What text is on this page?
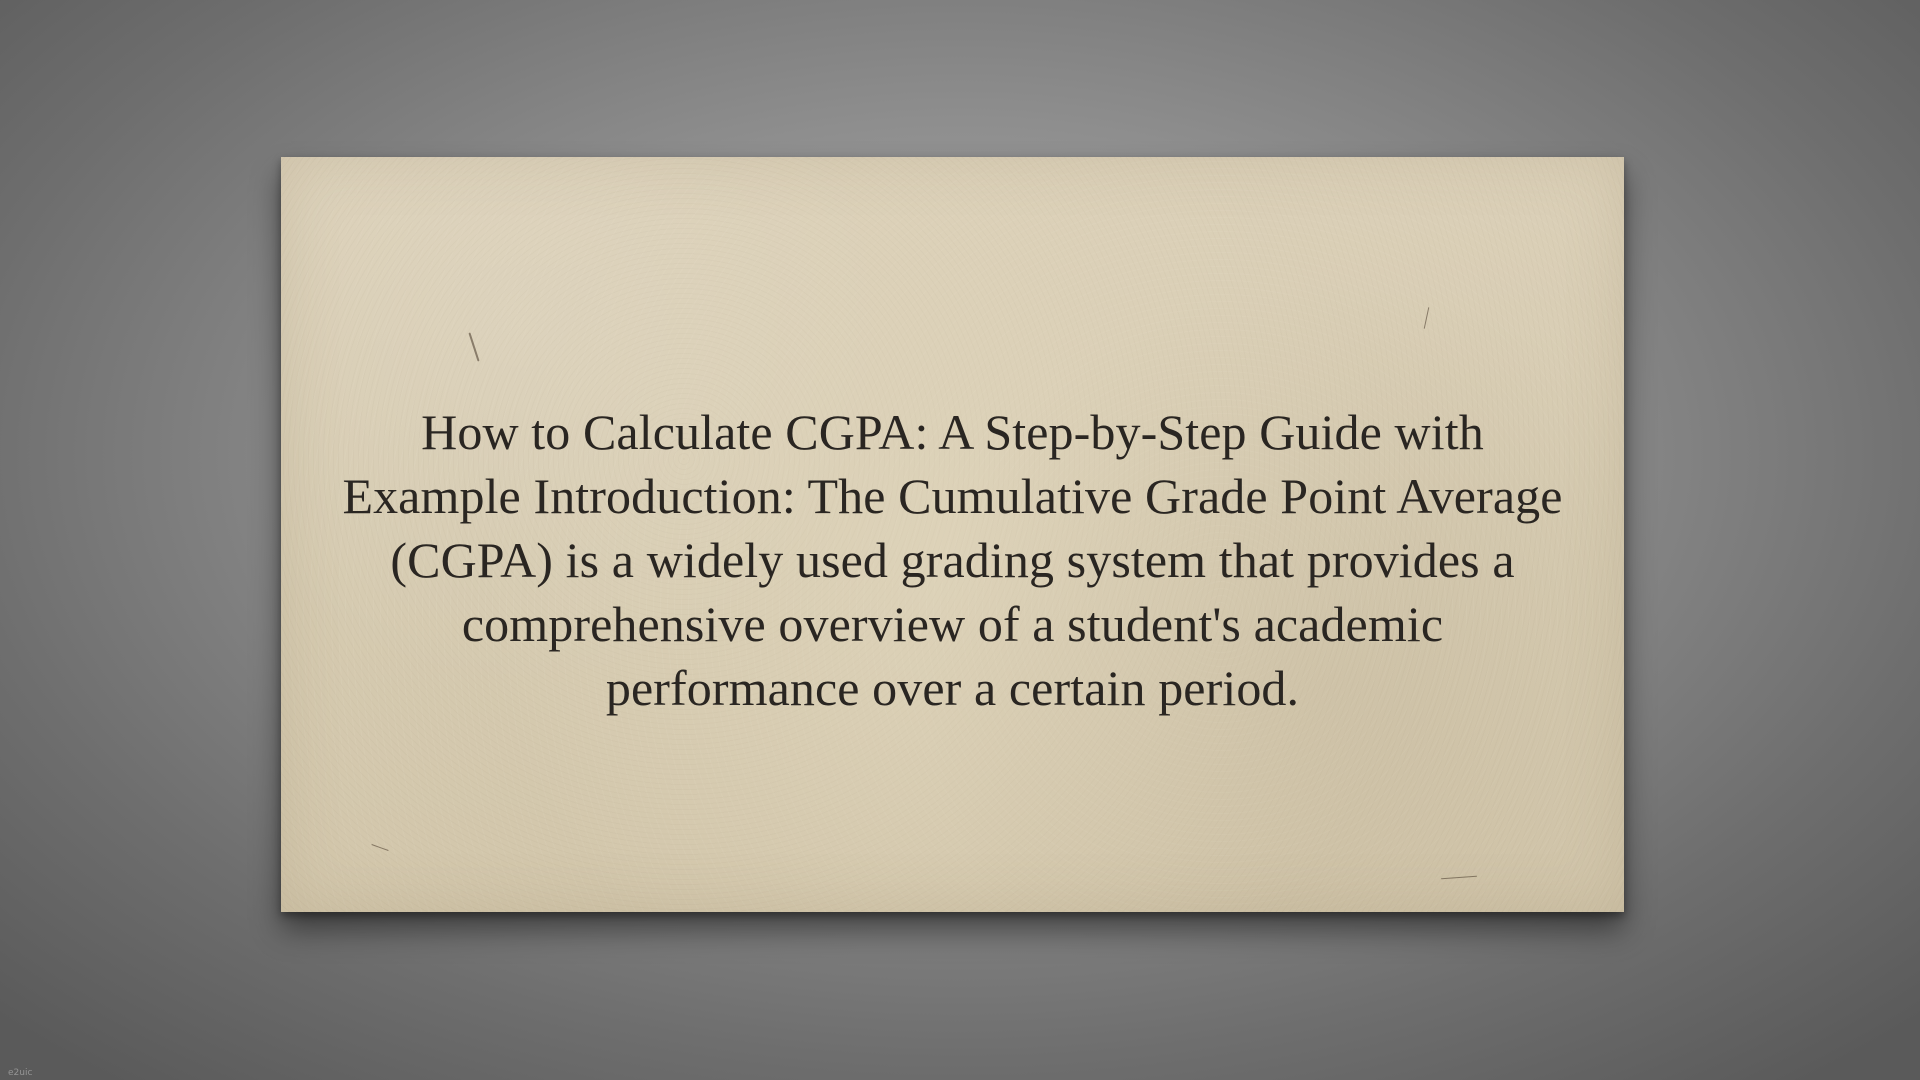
How to Calculate CGPA: A Step-by-Step Guide with Example Introduction: The Cumulative Grade Point Average (CGPA) is a widely used grading system that provides a comprehensive overview of a student's academic performance over a certain period.

e2uic
